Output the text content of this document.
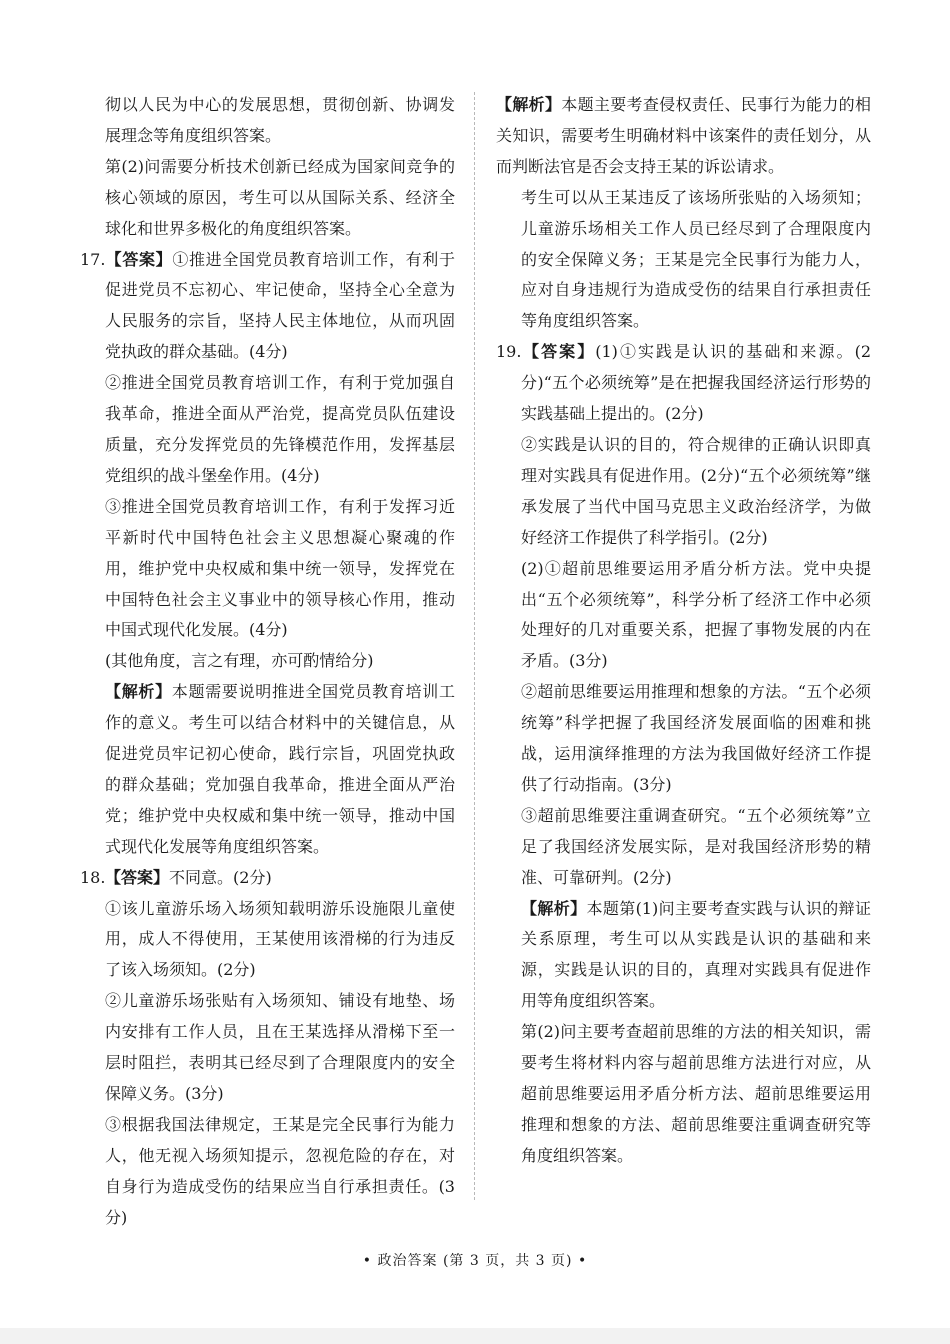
彻以人民为中心的发展思想，贯彻创新、协调发展理念等角度组织答案。

第(2)问需要分析技术创新已经成为国家间竞争的核心领域的原因，考生可以从国际关系、经济全球化和世界多极化的角度组织答案。

17.【答案】①推进全国党员教育培训工作，有利于促进党员不忘初心、牢记使命，坚持全心全意为人民服务的宗旨，坚持人民主体地位，从而巩固党执政的群众基础。(4分)

②推进全国党员教育培训工作，有利于党加强自我革命，推进全面从严治党，提高党员队伍建设质量，充分发挥党员的先锋模范作用，发挥基层党组织的战斗堡垒作用。(4分)

③推进全国党员教育培训工作，有利于发挥习近平新时代中国特色社会主义思想凝心聚魂的作用，维护党中央权威和集中统一领导，发挥党在中国特色社会主义事业中的领导核心作用，推动中国式现代化发展。(4分)

(其他角度，言之有理，亦可酌情给分)

【解析】本题需要说明推进全国党员教育培训工作的意义。考生可以结合材料中的关键信息，从促进党员牢记初心使命，践行宗旨，巩固党执政的群众基础；党加强自我革命，推进全面从严治党；维护党中央权威和集中统一领导，推动中国式现代化发展等角度组织答案。

18.【答案】不同意。(2分)

①该儿童游乐场入场须知载明游乐设施限儿童使用，成人不得使用，王某使用该滑梯的行为违反了该入场须知。(2分)

②儿童游乐场张贴有入场须知、铺设有地垫、场内安排有工作人员，且在王某选择从滑梯下至一层时阻拦，表明其已经尽到了合理限度内的安全保障义务。(3分)

③根据我国法律规定，王某是完全民事行为能力人，他无视入场须知提示，忽视危险的存在，对自身行为造成受伤的结果应当自行承担责任。(3分)

【解析】本题主要考查侵权责任、民事行为能力的相关知识，需要考生明确材料中该案件的责任划分，从而判断法官是否会支持王某的诉讼请求。

考生可以从王某违反了该场所张贴的入场须知；儿童游乐场相关工作人员已经尽到了合理限度内的安全保障义务；王某是完全民事行为能力人，应对自身违规行为造成受伤的结果自行承担责任等角度组织答案。

19.【答案】(1)①实践是认识的基础和来源。(2分)“五个必须统筹”是在把握我国经济运行形势的实践基础上提出的。(2分)

②实践是认识的目的，符合规律的正确认识即真理对实践具有促进作用。(2分)“五个必须统筹”继承发展了当代中国马克思主义政治经济学，为做好经济工作提供了科学指引。(2分)

(2)①超前思维要运用矛盾分析方法。党中央提出“五个必须统筹”，科学分析了经济工作中必须处理好的几对重要关系，把握了事物发展的内在矛盾。(3分)

②超前思维要运用推理和想象的方法。“五个必须统筹”科学把握了我国经济发展面临的困难和挑战，运用演绎推理的方法为我国做好经济工作提供了行动指南。(3分)

③超前思维要注重调查研究。“五个必须统筹”立足了我国经济发展实际，是对我国经济形势的精准、可靠研判。(2分)

【解析】本题第(1)问主要考查实践与认识的辩证关系原理，考生可以从实践是认识的基础和来源，实践是认识的目的，真理对实践具有促进作用等角度组织答案。

第(2)问主要考查超前思维的方法的相关知识，需要考生将材料内容与超前思维方法进行对应，从超前思维要运用矛盾分析方法、超前思维要运用推理和想象的方法、超前思维要注重调查研究等角度组织答案。

• 政治答案 (第 3 页，共 3 页) •
